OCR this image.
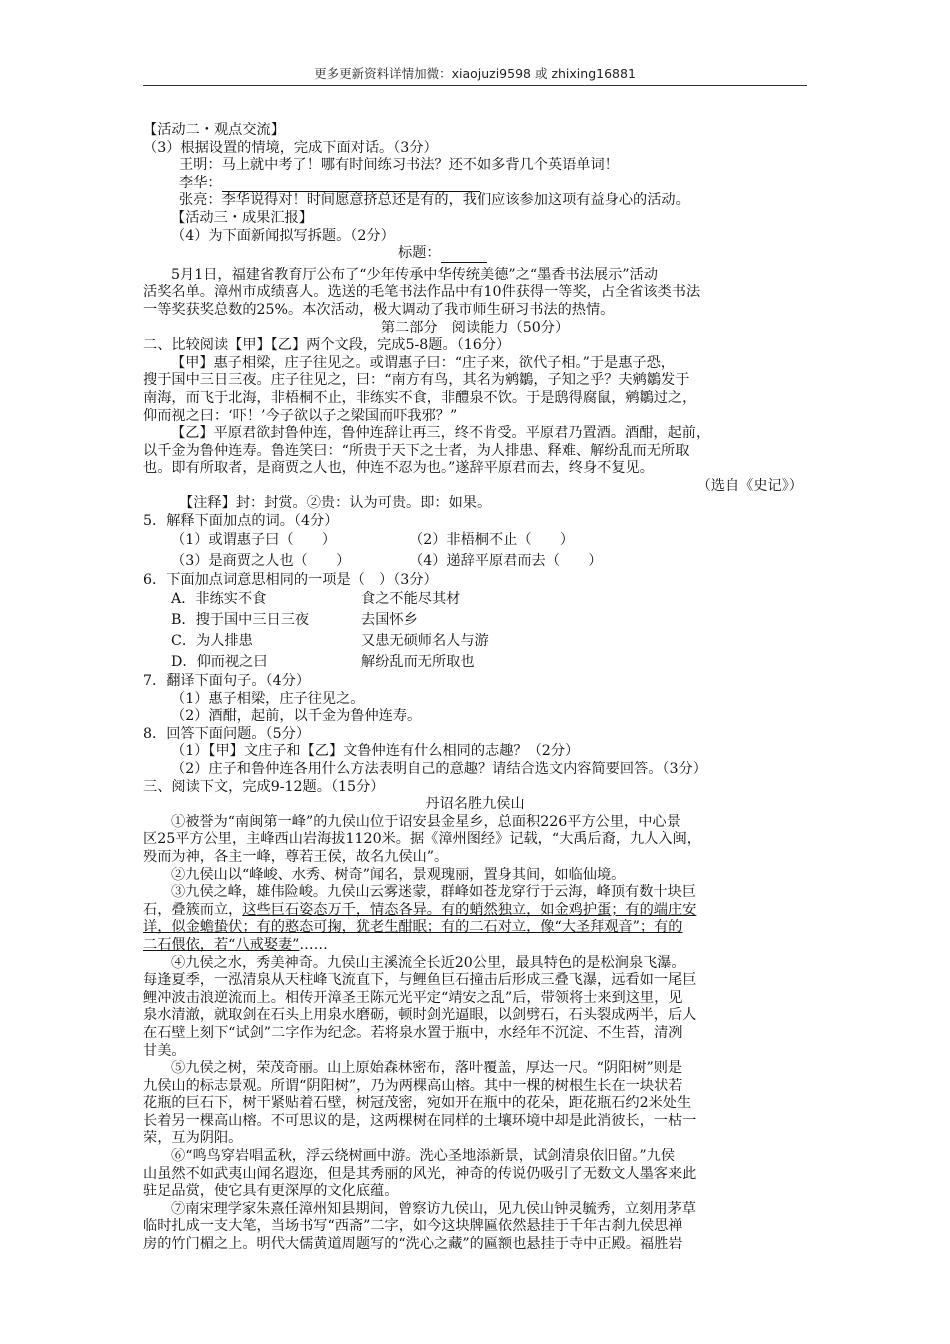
更多更新资料详情加微：xiaojuzi9598 或 zhixing16881
【活动二・观点交流】
（3）根据设置的情境，完成下面对话。（3分）
王明：马上就中考了！哪有时间练习书法？还不如多背几个英语单词！
李华：
张亮：李华说得对！时间愿意挤总还是有的，我们应该参加这项有益身心的活动。
【活动三・成果汇报】
（4）为下面新闻拟写拆题。（2分）
标题：
5月1日，福建省教育厅公布了“少年传承中华传统美德”之“墨香书法展示”活动
活奖名单。漳州市成绩喜人。选送的毛笔书法作品中有10件获得一等奖，占全省该类书法
一等奖获奖总数的25%。本次活动，极大调动了我市师生研习书法的热情。
第二部分　阅读能力（50分）
二、比较阅读【甲】【乙】两个文段，完成5-8题。（16分）
【甲】惠子相梁，庄子往见之。或谓惠子曰：“庄子来，欲代子相。”于是惠子恐，
搜于国中三日三夜。庄子往见之，曰：“南方有鸟，其名为鹓鶵，子知之乎？夫鹓鶵发于
南海，而飞于北海，非梧桐不止，非练实不食，非醴泉不饮。于是鸱得腐鼠，鹓鶵过之，
仰而视之曰：‘吓！’今子欲以子之梁国而吓我邪？”
【乙】平原君欲封鲁仲连，鲁仲连辞让再三，终不肯受。平原君乃置酒。酒酣，起前，
以千金为鲁仲连寿。鲁连笑曰：“所贵于天下之士者，为人排患、释难、解纷乱而无所取
也。即有所取者，是商贾之人也，仲连不忍为也。”遂辞平原君而去，终身不复见。
（选自《史记》）
【注释】封：封赏。②贵：认为可贵。即：如果。
5．解释下面加点的词。（4分）
（1）或谓惠子曰（　　）	（2）非梧桐不止（　　）
（3）是商贾之人也（　　）	（4）递辞平原君而去（　　）
6．下面加点词意思相同的一项是（　）（3分）
A．非练实不食	食之不能尽其材
B．搜于国中三日三夜	去国怀乡
C．为人排患	又患无硕师名人与游
D．仰而视之曰	解纷乱而无所取也
7．翻译下面句子。（4分）
（1）惠子相梁，庄子往见之。
（2）酒酣，起前，以千金为鲁仲连寿。
8．回答下面问题。（5分）
（1）【甲】文庄子和【乙】文鲁仲连有什么相同的志趣？（2分）
（2）庄子和鲁仲连各用什么方法表明自己的意趣？请结合选文内容简要回答。（3分）
三、阅读下文，完成9-12题。（15分）
丹诏名胜九侯山
①被誉为“南闽第一峰”的九侯山位于诏安县金星乡，总面积226平方公里，中心景
区25平方公里，主峰西山岩海拔1120米。据《漳州图经》记载，“大禹后裔，九人入闽，
殁而为神，各主一峰，尊若王侯，故名九侯山”。
②九侯山以“峰峻、水秀、树奇”闻名，景观瑰丽，置身其间，如临仙境。
③九侯之峰，雄伟险峻。九侯山云雾迷蒙，群峰如苍龙穿行于云海，峰顶有数十块巨
石，叠簇而立，这些巨石姿态万千，情态各异。有的蛸然独立，如金鸡护蛋；有的端庄安
详，似金蟾蛰伏；有的憨态可掬，犹老生酣眠；有的二石对立，像“大圣拜观音”；有的
二石偎依，若“八戒娶妻”……
④九侯之水，秀美神奇。九侯山主溪流全长近20公里，最具特色的是松涧泉飞瀑。
每逢夏季，一泓清泉从天柱峰飞流直下，与鲤鱼巨石撞击后形成三叠飞瀑，远看如一尾巨
鲤冲波击浪逆流而上。相传开漳圣王陈元光平定“靖安之乱”后，带领将士来到这里，见
泉水清澈，就取剑在石头上用泉水磨砺，顿时剑光逼眼，以剑劈石，石头裂成两半，后人
在石壁上刻下“试剑”二字作为纪念。若将泉水置于瓶中，水经年不沉淀、不生苔，清冽
甘美。
⑤九侯之树，荣茂奇丽。山上原始森林密布，落叶覆盖，厚达一尺。“阴阳树”则是
九侯山的标志景观。所谓“阴阳树”，乃为两棵高山榕。其中一棵的树根生长在一块状若
花瓶的巨石下，树干紧贴着石壁，树冠茂密，宛如开在瓶中的花朵，距花瓶石约2米处生
长着另一棵高山榕。不可思议的是，这两棵树在同样的土壤环境中却是此消彼长，一枯一
荣，互为阴阳。
⑥“鸣鸟穿岩唱孟秋，浮云绕树画中游。洗心圣地添新景，试剑清泉依旧留。”九侯
山虽然不如武夷山闻名遐迩，但是其秀丽的风光，神奇的传说仍吸引了无数文人墨客来此
驻足品赏，使它具有更深厚的文化底蕴。
⑦南宋理学家朱熹任漳州知县期间，曾察访九侯山，见九侯山钟灵毓秀，立刻用茅草
临时扎成一支大笔，当场书写“西斋”二字，如今这块牌匾依然悬挂于千年古刹九侯思禅
房的竹门楣之上。明代大儒黄道周题写的“洗心之藏”的匾额也悬挂于寺中正殿。福胜岩
